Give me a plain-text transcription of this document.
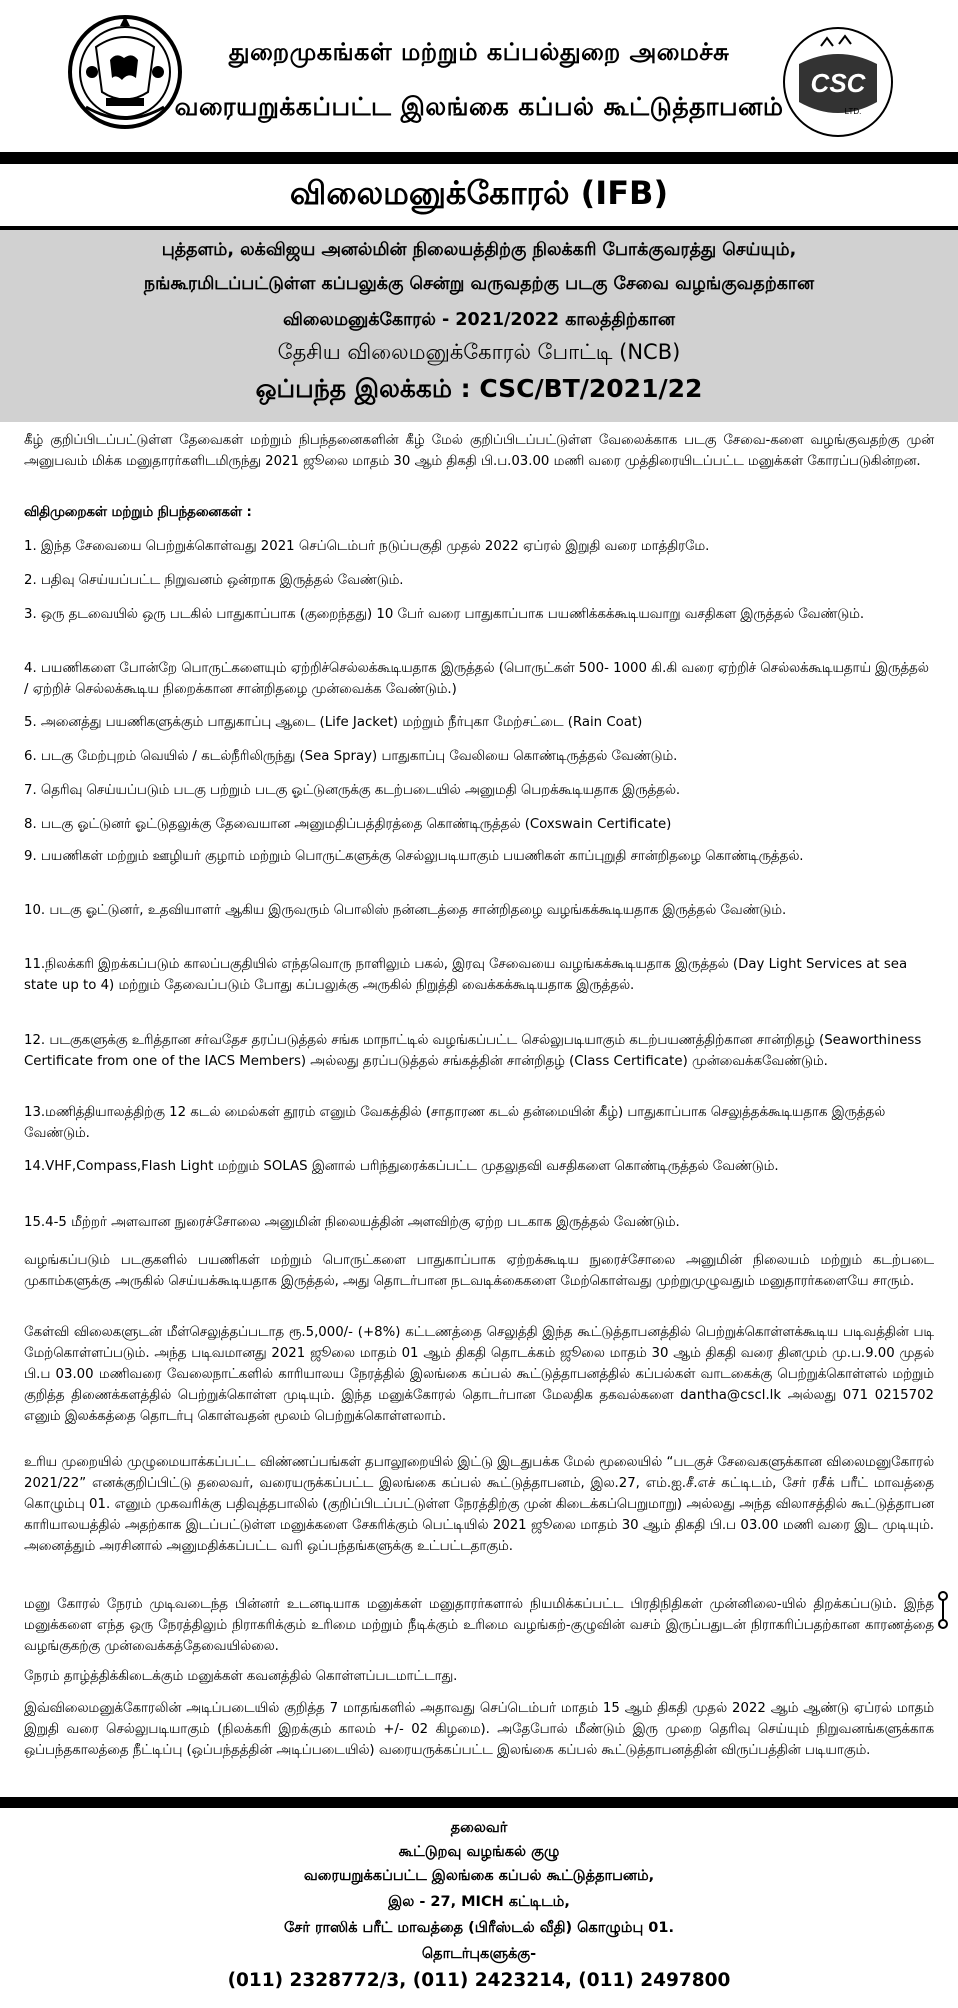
துறைமுகங்கள் மற்றும் கப்பல்துறை அமைச்சு
வரையறுக்கப்பட்ட இலங்கை கப்பல் கூட்டுத்தாபனம்
CSC
LTD.
விலைமனுக்கோரல் (IFB)
புத்தளம், லக்விஜய அனல்மின் நிலையத்திற்கு நிலக்கரி போக்குவரத்து செய்யும்,
நங்கூரமிடப்பட்டுள்ள கப்பலுக்கு சென்று வருவதற்கு படகு சேவை வழங்குவதற்கான
விலைமனுக்கோரல் - 2021/2022 காலத்திற்கான
தேசிய விலைமனுக்கோரல் போட்டி (NCB)
ஒப்பந்த இலக்கம் : CSC/BT/2021/22
கீழ் குறிப்பிடப்பட்டுள்ள தேவைகள் மற்றும் நிபந்தனைகளின் கீழ் மேல் குறிப்பிடப்பட்டுள்ள வேலைக்காக படகு சேவை-களை வழங்குவதற்கு முன் அனுபவம் மிக்க மனுதாரர்களிடமிருந்து 2021 ஜூலை மாதம் 30 ஆம் திகதி பி.ப.03.00 மணி வரை முத்திரையிடப்பட்ட மனுக்கள் கோரப்படுகின்றன.
விதிமுறைகள் மற்றும் நிபந்தனைகள் :
1. இந்த சேவையை பெற்றுக்கொள்வது 2021 செப்டெம்பர் நடுப்பகுதி முதல் 2022 ஏப்ரல் இறுதி வரை மாத்திரமே.
2. பதிவு செய்யப்பட்ட நிறுவனம் ஒன்றாக இருத்தல் வேண்டும்.
3. ஒரு தடவையில் ஒரு படகில் பாதுகாப்பாக (குறைந்தது) 10 பேர் வரை பாதுகாப்பாக பயணிக்கக்கூடியவாறு வசதிகள இருத்தல் வேண்டும்.
4. பயணிகளை போன்றே பொருட்களையும் ஏற்றிச்செல்லக்கூடியதாக இருத்தல் (பொருட்கள் 500- 1000 கி.கி வரை ஏற்றிச் செல்லக்கூடியதாய் இருத்தல் / ஏற்றிச் செல்லக்கூடிய நிறைக்கான சான்றிதழை முன்வைக்க வேண்டும்.)
5. அனைத்து பயணிகளுக்கும் பாதுகாப்பு ஆடை (Life Jacket) மற்றும் நீர்புகா மேற்சட்டை (Rain Coat)
6. படகு மேற்புறம் வெயில் / கடல்நீரிலிருந்து (Sea Spray) பாதுகாப்பு வேலியை கொண்டிருத்தல் வேண்டும்.
7. தெரிவு செய்யப்படும் படகு பற்றும் படகு ஓட்டுனருக்கு கடற்படையில் அனுமதி பெறக்கூடியதாக இருத்தல்.
8. படகு ஓட்டுனர் ஓட்டுதலுக்கு தேவையான அனுமதிப்பத்திரத்தை கொண்டிருத்தல் (Coxswain Certificate)
9. பயணிகள் மற்றும் ஊழியர் குழாம் மற்றும் பொருட்களுக்கு செல்லுபடியாகும் பயணிகள் காப்புறுதி சான்றிதழை கொண்டிருத்தல்.
10. படகு ஓட்டுனர், உதவியாளர் ஆகிய இருவரும் பொலிஸ் நன்னடத்தை சான்றிதழை வழங்கக்கூடியதாக இருத்தல் வேண்டும்.
11.நிலக்கரி இறக்கப்படும் காலப்பகுதியில் எந்தவொரு நாளிலும் பகல், இரவு சேவையை வழங்கக்கூடியதாக இருத்தல் (Day Light Services at sea state up to 4) மற்றும் தேவைப்படும் போது கப்பலுக்கு அருகில் நிறுத்தி வைக்கக்கூடியதாக இருத்தல்.
12. படகுகளுக்கு உரித்தான சர்வதேச தரப்படுத்தல் சங்க மாநாட்டில் வழங்கப்பட்ட செல்லுபடியாகும் கடற்பயணத்திற்கான சான்றிதழ் (Seaworthiness Certificate from one of the IACS Members) அல்லது தரப்படுத்தல் சங்கத்தின் சான்றிதழ் (Class Certificate) முன்வைக்கவேண்டும்.
13.மணித்தியாலத்திற்கு 12 கடல் மைல்கள் தூரம் எனும் வேகத்தில் (சாதாரண கடல் தன்மையின் கீழ்) பாதுகாப்பாக செலுத்தக்கூடியதாக இருத்தல் வேண்டும்.
14.VHF,Compass,Flash Light மற்றும் SOLAS இனால் பரிந்துரைக்கப்பட்ட முதலுதவி வசதிகளை கொண்டிருத்தல் வேண்டும்.
15.4-5 மீற்றர் அளவான நுரைச்சோலை அனுமின் நிலையத்தின் அளவிற்கு ஏற்ற படகாக இருத்தல் வேண்டும்.
வழங்கப்படும் படகுகளில் பயணிகள் மற்றும் பொருட்களை பாதுகாப்பாக ஏற்றக்கூடிய நுரைச்சோலை அனுமின் நிலையம் மற்றும் கடற்படை முகாம்களுக்கு அருகில் செய்யக்கூடியதாக இருத்தல், அது தொடர்பான நடவடிக்கைகளை மேற்கொள்வது முற்றுமுழுவதும் மனுதாரர்களையே சாரும்.
கேள்வி விலைகளுடன் மீள்செலுத்தப்படாத ரூ.5,000/- (+8%) கட்டணத்தை செலுத்தி இந்த கூட்டுத்தாபனத்தில் பெற்றுக்கொள்ளக்கூடிய படிவத்தின் படி மேற்கொள்ளப்படும். அந்த படிவமானது 2021 ஜூலை மாதம் 01 ஆம் திகதி தொடக்கம் ஜூலை மாதம் 30 ஆம் திகதி வரை தினமும் மு.ப.9.00 முதல் பி.ப 03.00 மணிவரை வேலைநாட்களில் காரியாலய நேரத்தில் இலங்கை கப்பல் கூட்டுத்தாபனத்தில் கப்பல்கள் வாடகைக்கு பெற்றுக்கொள்ளல் மற்றும் குறித்த திணைக்களத்தில் பெற்றுக்கொள்ள முடியும். இந்த மனுக்கோரல் தொடர்பான மேலதிக தகவல்களை dantha@cscl.lk அல்லது 071 0215702 எனும் இலக்கத்தை தொடர்பு கொள்வதன் மூலம் பெற்றுக்கொள்ளலாம்.
உரிய முறையில் முழுமையாக்கப்பட்ட விண்ணப்பங்கள் தபாலூறையில் இட்டு இடதுபக்க மேல் மூலையில் “படகுச் சேவைகளுக்கான விலைமனுகோரல் 2021/22” எனக்குறிப்பிட்டு தலைவர், வரையருக்கப்பட்ட இலங்கை கப்பல் கூட்டுத்தாபனம், இல.27, எம்.ஐ.சீ.எச் கட்டிடம், சேர் ரசீக் பரீட் மாவத்தை கொழும்பு 01. எனும் முகவரிக்கு பதிவுத்தபாலில் (குறிப்பிடப்பட்டுள்ள நேரத்திற்கு முன் கிடைக்கப்பெறுமாறு) அல்லது அந்த விலாசத்தில் கூட்டுத்தாபன காரியாலயத்தில் அதற்காக இடப்பட்டுள்ள மனுக்களை சேகரிக்கும் பெட்டியில் 2021 ஜூலை மாதம் 30 ஆம் திகதி பி.ப 03.00 மணி வரை இட முடியும். அனைத்தும் அரசினால் அனுமதிக்கப்பட்ட வரி ஒப்பந்தங்களுக்கு உட்பட்டதாகும்.
மனு கோரல் நேரம் முடிவடைந்த பின்னர் உடனடியாக மனுக்கள் மனுதாரர்களால் நியமிக்கப்பட்ட பிரதிநிதிகள் முன்னிலை-யில் திறக்கப்படும். இந்த மனுக்களை எந்த ஒரு நேரத்திலும் நிராகரிக்கும் உரிமை மற்றும் நீடிக்கும் உரிமை வழங்கற்-குழுவின் வசம் இருப்பதுடன் நிராகரிப்பதற்கான காரணத்தை வழங்குகற்கு முன்வைக்கத்தேவையில்லை.
நேரம் தாழ்த்திக்கிடைக்கும் மனுக்கள் கவனத்தில் கொள்ளப்படமாட்டாது.
இவ்விலைமனுக்கோரலின் அடிப்படையில் குறித்த 7 மாதங்களில் அதாவது செப்டெம்பர் மாதம் 15 ஆம் திகதி முதல் 2022 ஆம் ஆண்டு ஏப்ரல் மாதம் இறுதி வரை செல்லுபடியாகும் (நிலக்கரி இறக்கும் காலம் +/- 02 கிழமை). அதேபோல் மீண்டும் இரு முறை தெரிவு செய்யும் நிறுவனங்களுக்காக ஒப்பந்தகாலத்தை நீட்டிப்பு (ஒப்பந்தத்தின் அடிப்படையில்) வரையருக்கப்பட்ட இலங்கை கப்பல் கூட்டுத்தாபனத்தின் விருப்பத்தின் படியாகும்.
தலைவர்
கூட்டுறவு வழங்கல் குழு
வரையறுக்கப்பட்ட இலங்கை கப்பல் கூட்டுத்தாபனம்,
இல - 27, MICH கட்டிடம்,
சேர் ராஸிக் பரீட் மாவத்தை (பிரீஸ்டல் வீதி) கொழும்பு 01.
தொடர்புகளுக்கு-
(011) 2328772/3, (011) 2423214, (011) 2497800
